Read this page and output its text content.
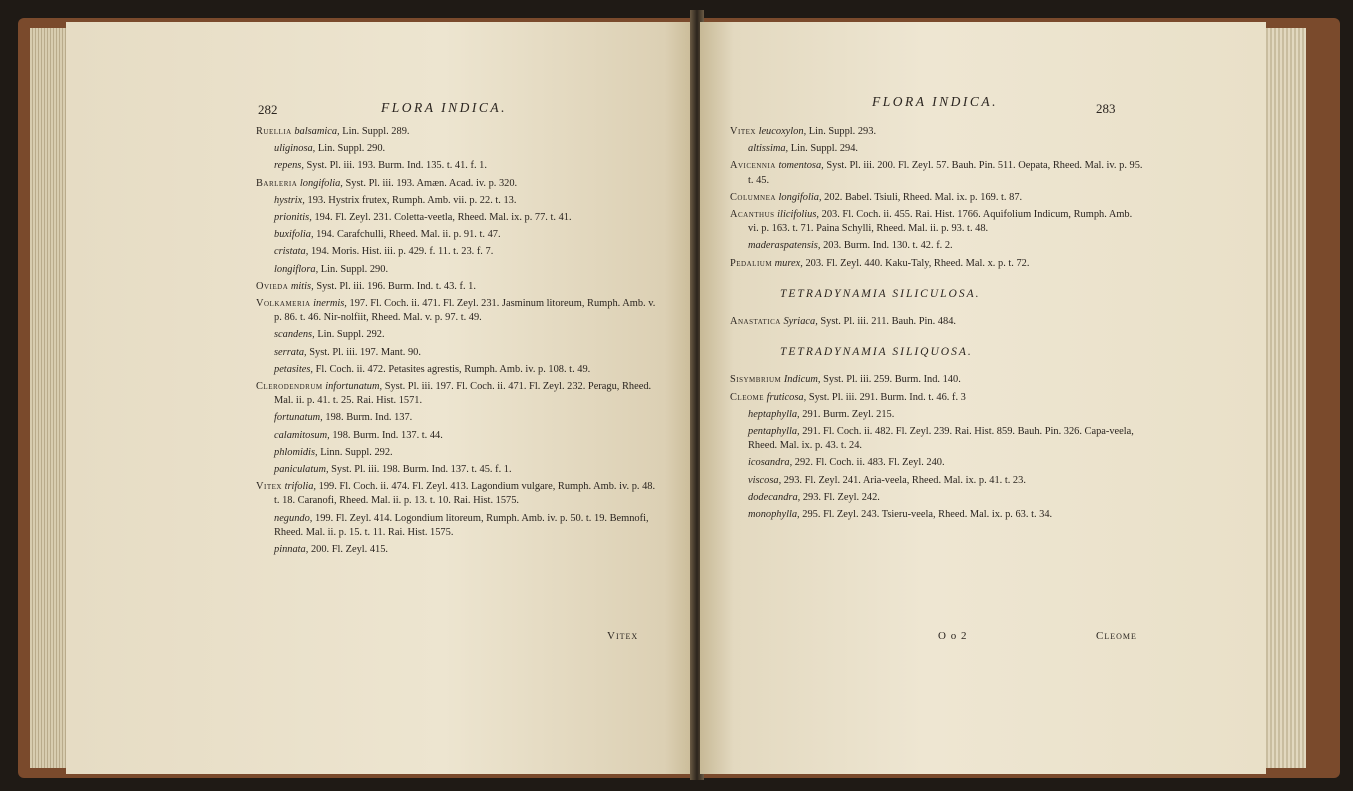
282	FLORA INDICA.
Ruellia balsamica, Lin. Suppl. 289.
uliginosa, Lin. Suppl. 290.
repens, Syst. Pl. iii. 193. Burm. Ind. 135. t. 41. f. 1.
Barleria longifolia, Syst. Pl. iii. 193. Amæn. Acad. iv. p. 320.
hystrix, 193. Hystrix frutex, Rumph. Amb. vii. p. 22. t. 13.
prionitis, 194. Fl. Zeyl. 231. Coletta-veetla, Rheed. Mal. ix. p. 77. t. 41.
buxifolia, 194. Carafchulli, Rheed. Mal. ii. p. 91. t. 47.
cristata, 194. Moris. Hist. iii. p. 429. f. 11. t. 23. f. 7.
longiflora, Lin. Suppl. 290.
Ovieda mitis, Syst. Pl. iii. 196. Burm. Ind. t. 43. f. 1.
Volkameria inermis, 197. Fl. Coch. ii. 471. Fl. Zeyl. 231. Jasminum litoreum, Rumph. Amb. v. p. 86. t. 46. Nir-nolfiit, Rheed. Mal. v. p. 97. t. 49.
scandens, Lin. Suppl. 292.
serrata, Syst. Pl. iii. 197. Mant. 90.
petasites, Fl. Coch. ii. 472. Petasites agrestis, Rumph. Amb. iv. p. 108. t. 49.
Clerodendrum infortunatum, Syst. Pl. iii. 197. Fl. Coch. ii. 471. Fl. Zeyl. 232. Peragu, Rheed. Mal. ii. p. 41. t. 25. Rai. Hist. 1571.
fortunatum, 198. Burm. Ind. 137.
calamitosum, 198. Burm. Ind. 137. t. 44.
phlomidis, Linn. Suppl. 292.
paniculatum, Syst. Pl. iii. 198. Burm. Ind. 137. t. 45. f. 1.
Vitex trifolia, 199. Fl. Coch. ii. 474. Fl. Zeyl. 413. Lagondium vulgare, Rumph. Amb. iv. p. 48. t. 18. Caranofi, Rheed. Mal. ii. p. 13. t. 10. Rai. Hist. 1575.
negundo, 199. Fl. Zeyl. 414. Logondium litoreum, Rumph. Amb. iv. p. 50. t. 19. Bemnofi, Rheed. Mal. ii. p. 15. t. 11. Rai. Hist. 1575.
pinnata, 200. Fl. Zeyl. 415.
Vitex
FLORA INDICA.	283
Vitex leucoxylon, Lin. Suppl. 293.
altissima, Lin. Suppl. 294.
Avicennia tomentosa, Syst. Pl. iii. 200. Fl. Zeyl. 57. Bauh. Pin. 511. Oepata, Rheed. Mal. iv. p. 95. t. 45.
Columnea longifolia, 202. Babel. Tsiuli, Rheed. Mal. ix. p. 169. t. 87.
Acanthus ilicifolius, 203. Fl. Coch. ii. 455. Rai. Hist. 1766. Aquifolium Indicum, Rumph. Amb. vi. p. 163. t. 71. Paina Schylli, Rheed. Mal. ii. p. 93. t. 48.
maderaspatensis, 203. Burm. Ind. 130. t. 42. f. 2.
Pedalium murex, 203. Fl. Zeyl. 440. Kaku-Taly, Rheed. Mal. x. p. t. 72.
TETRADYNAMIA SILICULOSA.
Anastatica Syriaca, Syst. Pl. iii. 211. Bauh. Pin. 484.
TETRADYNAMIA SILIQUOSA.
Sisymbrium Indicum, Syst. Pl. iii. 259. Burm. Ind. 140.
Cleome fruticosa, Syst. Pl. iii. 291. Burm. Ind. t. 46. f. 3
heptaphylla, 291. Burm. Zeyl. 215.
pentaphylla, 291. Fl. Coch. ii. 482. Fl. Zeyl. 239. Rai. Hist. 859. Bauh. Pin. 326. Capa-veela, Rheed. Mal. ix. p. 43. t. 24.
icosandra, 292. Fl. Coch. ii. 483. Fl. Zeyl. 240.
viscosa, 293. Fl. Zeyl. 241. Aria-veela, Rheed. Mal. ix. p. 41. t. 23.
dodecandra, 293. Fl. Zeyl. 242.
monophylla, 295. Fl. Zeyl. 243. Tsieru-veela, Rheed. Mal. ix. p. 63. t. 34.
O o 2	Cleome
